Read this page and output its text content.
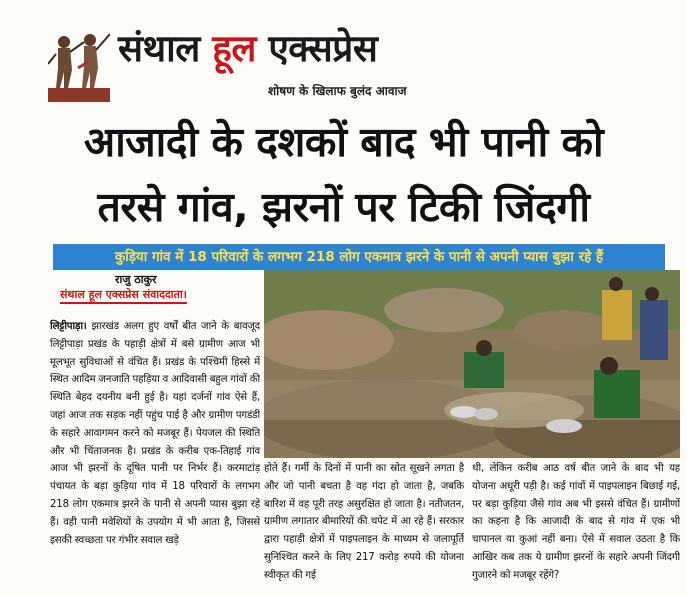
संथाल हूल एक्सप्रेस
शोषण के खिलाफ बुलंद आवाज
आजादी के दशकों बाद भी पानी को
तरसे गांव, झरनों पर टिकी जिंदगी
कुड़िया गांव में 18 परिवारों के लगभग 218 लोग एकमात्र झरने के पानी से अपनी प्यास बुझा रहे हैं
राजु ठाकुर
संथाल हूल एक्सप्रेस संवाददाता।
लिट्टीपाड़ा। झारखंड अलग हुए वर्षों बीत जाने के बावजूद लिट्टीपाड़ा प्रखंड के पहाड़ी क्षेत्रों में बसे ग्रामीण आज भी मूलभूत सुविधाओं से वंचित हैं। प्रखंड के पश्चिमी हिस्से में स्थित आदिम जनजाति पहड़िया व आदिवासी बहुल गांवों की स्थिति बेहद दयनीय बनी हुई है। यहां दर्जनों गांव ऐसे हैं, जहां आज तक सड़क नहीं पहुंच पाई है और ग्रामीण पगडंडी के सहारे आवागमन करने को मजबूर हैं। पेयजल की स्थिति और भी चिंताजनक है। प्रखंड के करीब एक-तिहाई गांव आज भी झरनों के दूषित पानी पर निर्भर हैं। करमाटांड़ पंचायत के बड़ा कुड़िया गांव में 18 परिवारों के लगभग 218 लोग एकमात्र झरने के पानी से अपनी प्यास बुझा रहे हैं। वही पानी मवेशियों के उपयोग में भी आता है, जिससे इसकी स्वच्छता पर गंभीर सवाल खड़े
होते हैं। गर्मी के दिनों में पानी का स्रोत सूखने लगता है और जो पानी बचता है वह गंदा हो जाता है, जबकि बारिश में वह पूरी तरह असुरक्षित हो जाता है। नतीजतन, ग्रामीण लगातार बीमारियों की चपेट में आ रहे हैं। सरकार द्वारा पहाड़ी क्षेत्रों में पाइपलाइन के माध्यम से जलापूर्ति सुनिश्चित करने के लिए 217 करोड़ रुपये की योजना स्वीकृत की गई
थी, लेकिन करीब आठ वर्ष बीत जाने के बाद भी यह योजना अधूरी पड़ी है। कई गांवों में पाइपलाइन बिछाई गई, पर बड़ा कुड़िया जैसे गांव अब भी इससे वंचित हैं। ग्रामीणों का कहना है कि आजादी के बाद से गांव में एक भी चापानल या कुआं नहीं बना। ऐसे में सवाल उठता है कि आखिर कब तक ये ग्रामीण झरनों के सहारे अपनी जिंदगी गुजारने को मजबूर रहेंगे?
